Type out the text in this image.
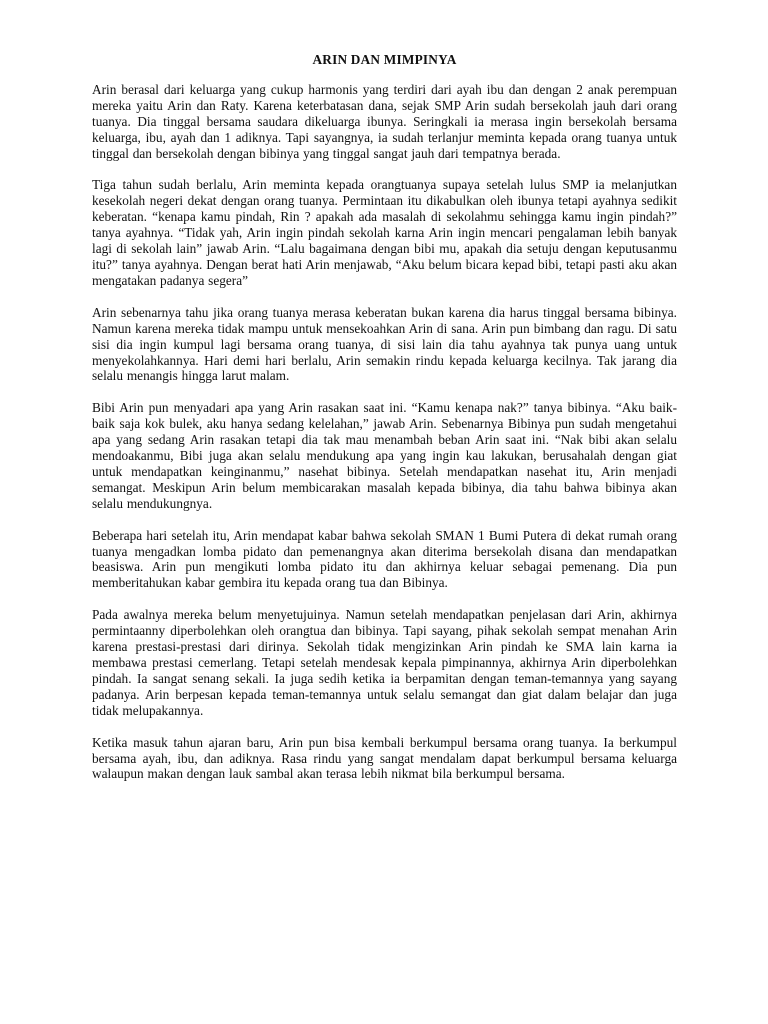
ARIN DAN MIMPINYA

Arin berasal dari keluarga yang cukup harmonis yang terdiri dari ayah ibu dan dengan 2 anak perempuan mereka yaitu Arin dan Raty. Karena keterbatasan dana, sejak SMP Arin sudah bersekolah jauh dari orang tuanya. Dia tinggal bersama saudara dikeluarga ibunya. Seringkali ia merasa ingin bersekolah bersama keluarga, ibu, ayah dan 1 adiknya. Tapi sayangnya, ia sudah terlanjur meminta kepada orang tuanya untuk tinggal dan bersekolah dengan bibinya yang tinggal sangat jauh dari tempatnya berada.

Tiga tahun sudah berlalu, Arin meminta kepada orangtuanya supaya setelah lulus SMP ia melanjutkan kesekolah negeri dekat dengan orang tuanya. Permintaan itu dikabulkan oleh ibunya tetapi ayahnya sedikit keberatan. “kenapa kamu pindah, Rin ? apakah ada masalah di sekolahmu sehingga kamu ingin pindah?” tanya ayahnya. “Tidak yah, Arin ingin pindah sekolah karna Arin ingin mencari pengalaman lebih banyak lagi di sekolah lain” jawab Arin. “Lalu bagaimana dengan bibi mu, apakah dia setuju dengan keputusanmu itu?” tanya ayahnya. Dengan berat hati Arin menjawab, “Aku belum bicara kepad bibi, tetapi pasti aku akan mengatakan padanya segera”

Arin sebenarnya tahu jika orang tuanya merasa keberatan bukan karena dia harus tinggal bersama bibinya. Namun karena mereka tidak mampu untuk mensekoahkan Arin di sana. Arin pun bimbang dan ragu. Di satu sisi dia ingin kumpul lagi bersama orang tuanya, di sisi lain dia tahu ayahnya tak punya uang untuk menyekolahkannya. Hari demi hari berlalu, Arin semakin rindu kepada keluarga kecilnya. Tak jarang dia selalu menangis hingga larut malam.

Bibi Arin pun menyadari apa yang Arin rasakan saat ini. “Kamu kenapa nak?” tanya bibinya. “Aku baik-baik saja kok bulek, aku hanya sedang kelelahan,” jawab Arin. Sebenarnya Bibinya pun sudah mengetahui apa yang sedang Arin rasakan tetapi dia tak mau menambah beban Arin saat ini. “Nak bibi akan selalu mendoakanmu, Bibi juga akan selalu mendukung apa yang ingin kau lakukan, berusahalah dengan giat untuk mendapatkan keinginanmu,” nasehat bibinya. Setelah mendapatkan nasehat itu, Arin menjadi semangat. Meskipun Arin belum membicarakan masalah kepada bibinya, dia tahu bahwa bibinya akan selalu mendukungnya.

Beberapa hari setelah itu, Arin mendapat kabar bahwa sekolah SMAN 1 Bumi Putera di dekat rumah orang tuanya mengadkan lomba pidato dan pemenangnya akan diterima bersekolah disana dan mendapatkan beasiswa. Arin pun mengikuti lomba pidato itu dan akhirnya keluar sebagai pemenang. Dia pun memberitahukan kabar gembira itu kepada orang tua dan Bibinya.

Pada awalnya mereka belum menyetujuinya. Namun setelah mendapatkan penjelasan dari Arin, akhirnya permintaanny diperbolehkan oleh orangtua dan bibinya. Tapi sayang, pihak sekolah sempat menahan Arin karena prestasi-prestasi dari dirinya. Sekolah tidak mengizinkan Arin pindah ke SMA lain karna ia membawa prestasi cemerlang. Tetapi setelah mendesak kepala pimpinannya, akhirnya Arin diperbolehkan pindah. Ia sangat senang sekali. Ia juga sedih ketika ia berpamitan dengan teman-temannya yang sayang padanya. Arin berpesan kepada teman-temannya untuk selalu semangat dan giat dalam belajar dan juga tidak melupakannya.

Ketika masuk tahun ajaran baru, Arin pun bisa kembali berkumpul bersama orang tuanya. Ia berkumpul bersama ayah, ibu, dan adiknya. Rasa rindu yang sangat mendalam dapat berkumpul bersama keluarga walaupun makan dengan lauk sambal akan terasa lebih nikmat bila berkumpul bersama.
